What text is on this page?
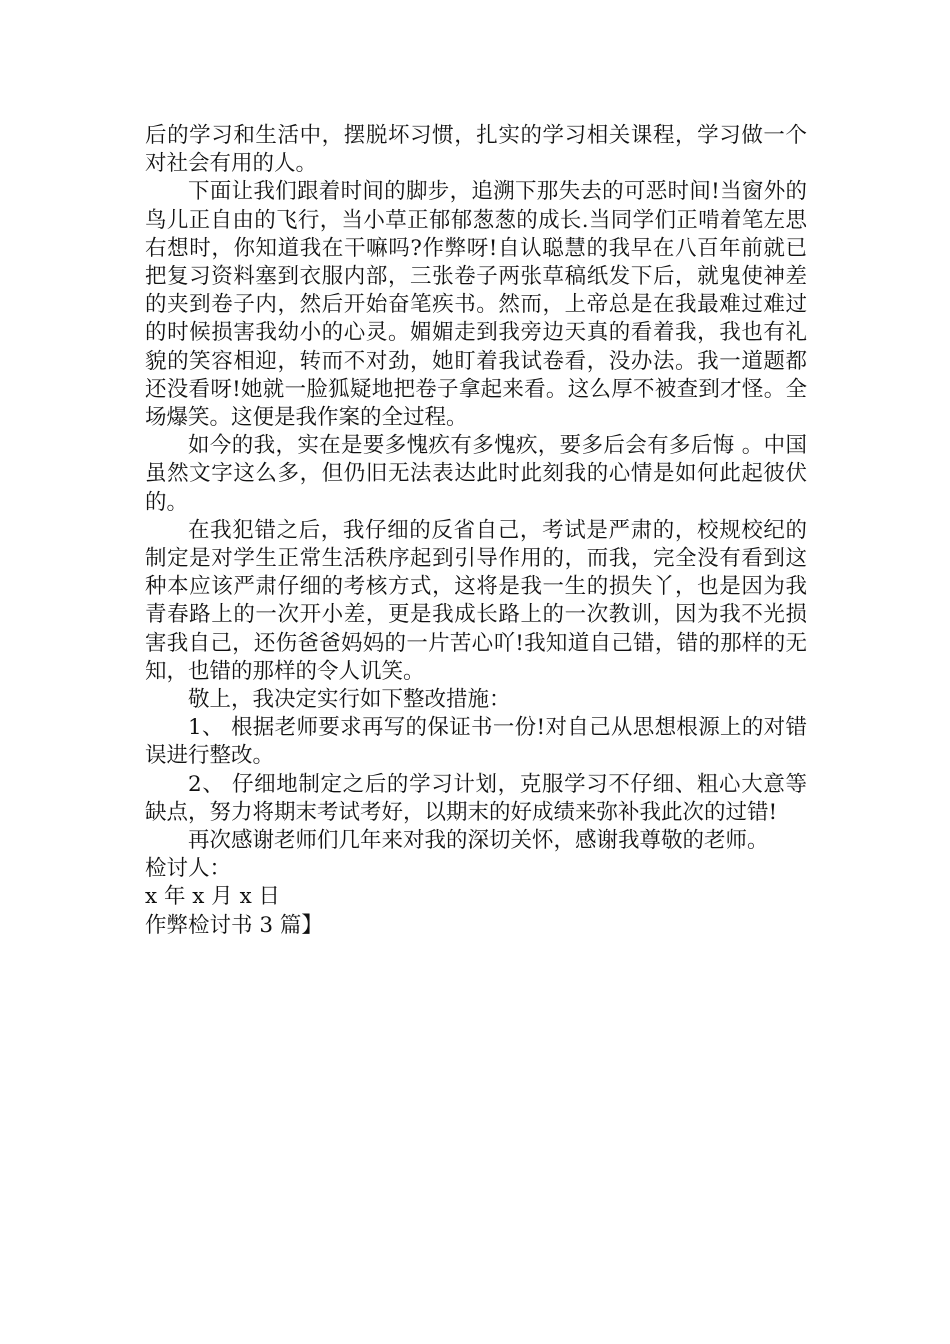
后的学习和生活中，摆脱坏习惯，扎实的学习相关课程，学习做一个对社会有用的人。

下面让我们跟着时间的脚步，追溯下那失去的可恶时间!当窗外的鸟儿正自由的飞行，当小草正郁郁葱葱的成长.当同学们正啃着笔左思右想时，你知道我在干嘛吗?作弊呀!自认聪慧的我早在八百年前就已把复习资料塞到衣服内部，三张卷子两张草稿纸发下后，就鬼使神差的夹到卷子内，然后开始奋笔疾书。然而，上帝总是在我最难过难过的时候损害我幼小的心灵。媚媚走到我旁边天真的看着我，我也有礼貌的笑容相迎，转而不对劲，她盯着我试卷看，没办法。我一道题都还没看呀!她就一脸狐疑地把卷子拿起来看。这么厚不被查到才怪。全场爆笑。这便是我作案的全过程。

如今的我，实在是要多愧疚有多愧疚，要多后会有多后悔 。中国虽然文字这么多，但仍旧无法表达此时此刻我的心情是如何此起彼伏的。

在我犯错之后，我仔细的反省自己，考试是严肃的，校规校纪的制定是对学生正常生活秩序起到引导作用的，而我，完全没有看到这种本应该严肃仔细的考核方式，这将是我一生的损失丫，也是因为我青春路上的一次开小差，更是我成长路上的一次教训，因为我不光损害我自己，还伤爸爸妈妈的一片苦心吖!我知道自己错，错的那样的无知，也错的那样的令人讥笑。

敬上，我决定实行如下整改措施：

1、 根据老师要求再写的保证书一份!对自己从思想根源上的对错误进行整改。

2、 仔细地制定之后的学习计划，克服学习不仔细、粗心大意等缺点，努力将期末考试考好，以期末的好成绩来弥补我此次的过错!

再次感谢老师们几年来对我的深切关怀，感谢我尊敬的老师。

检讨人：

x 年 x 月 x 日

作弊检讨书 3 篇】
